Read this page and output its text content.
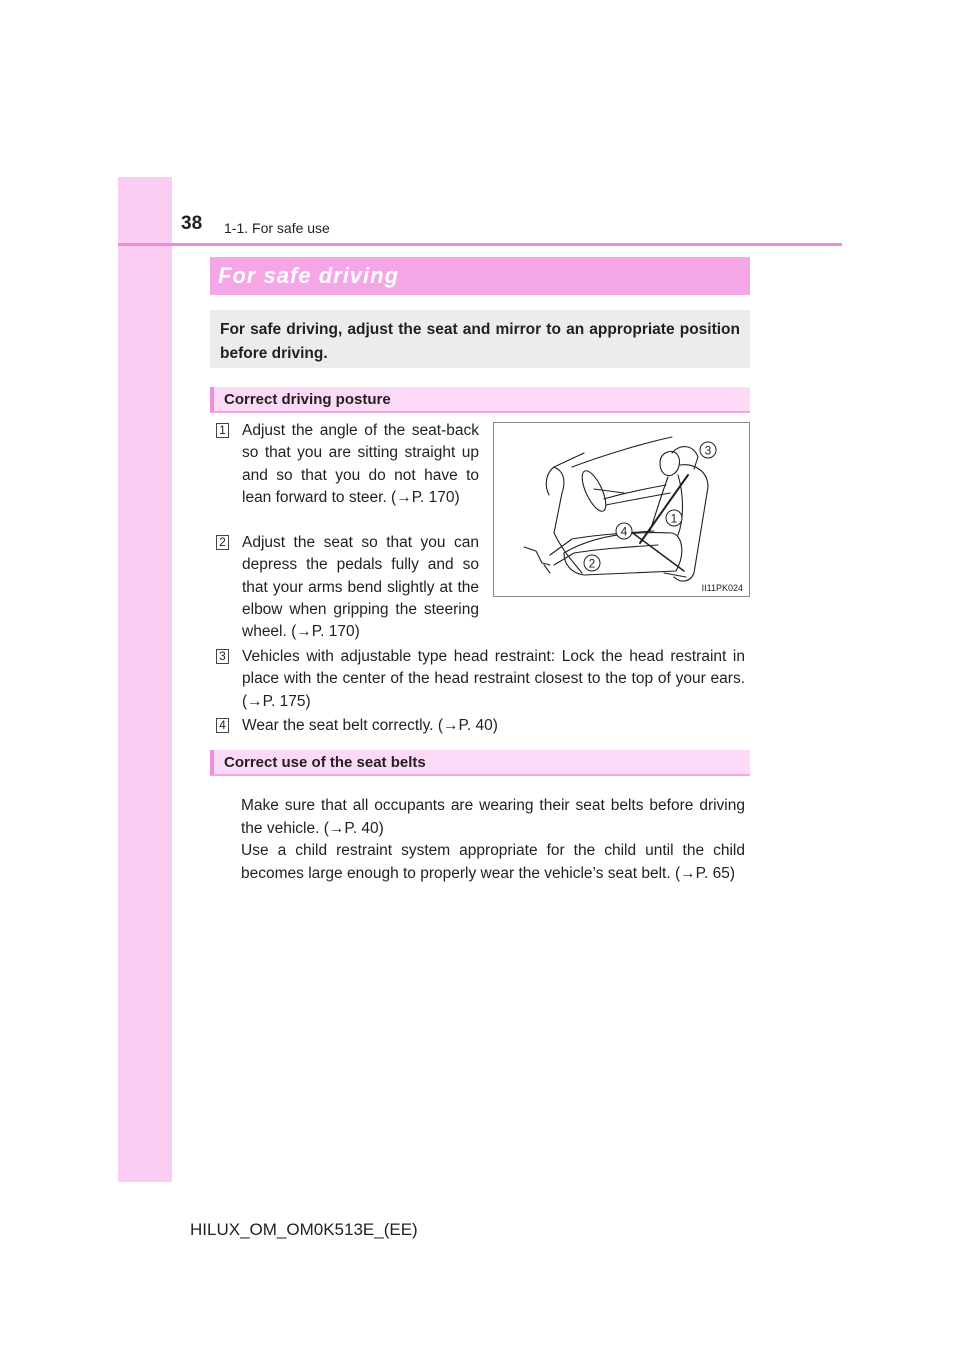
38 1-1. For safe use
For safe driving
For safe driving, adjust the seat and mirror to an appropriate position before driving.
Correct driving posture
1 Adjust the angle of the seat-back so that you are sitting straight up and so that you do not have to lean forward to steer. (→P. 170)
2 Adjust the seat so that you can depress the pedals fully and so that your arms bend slightly at the elbow when gripping the steering wheel. (→P. 170)
1
2
3
4
II11PK024
3 Vehicles with adjustable type head restraint: Lock the head restraint in place with the center of the head restraint closest to the top of your ears. (→P. 175)
4 Wear the seat belt correctly. (→P. 40)
Correct use of the seat belts

Make sure that all occupants are wearing their seat belts before driving the vehicle. (→P. 40)

Use a child restraint system appropriate for the child until the child becomes large enough to properly wear the vehicle’s seat belt. (→P. 65)

HILUX_OM_OM0K513E_(EE)
